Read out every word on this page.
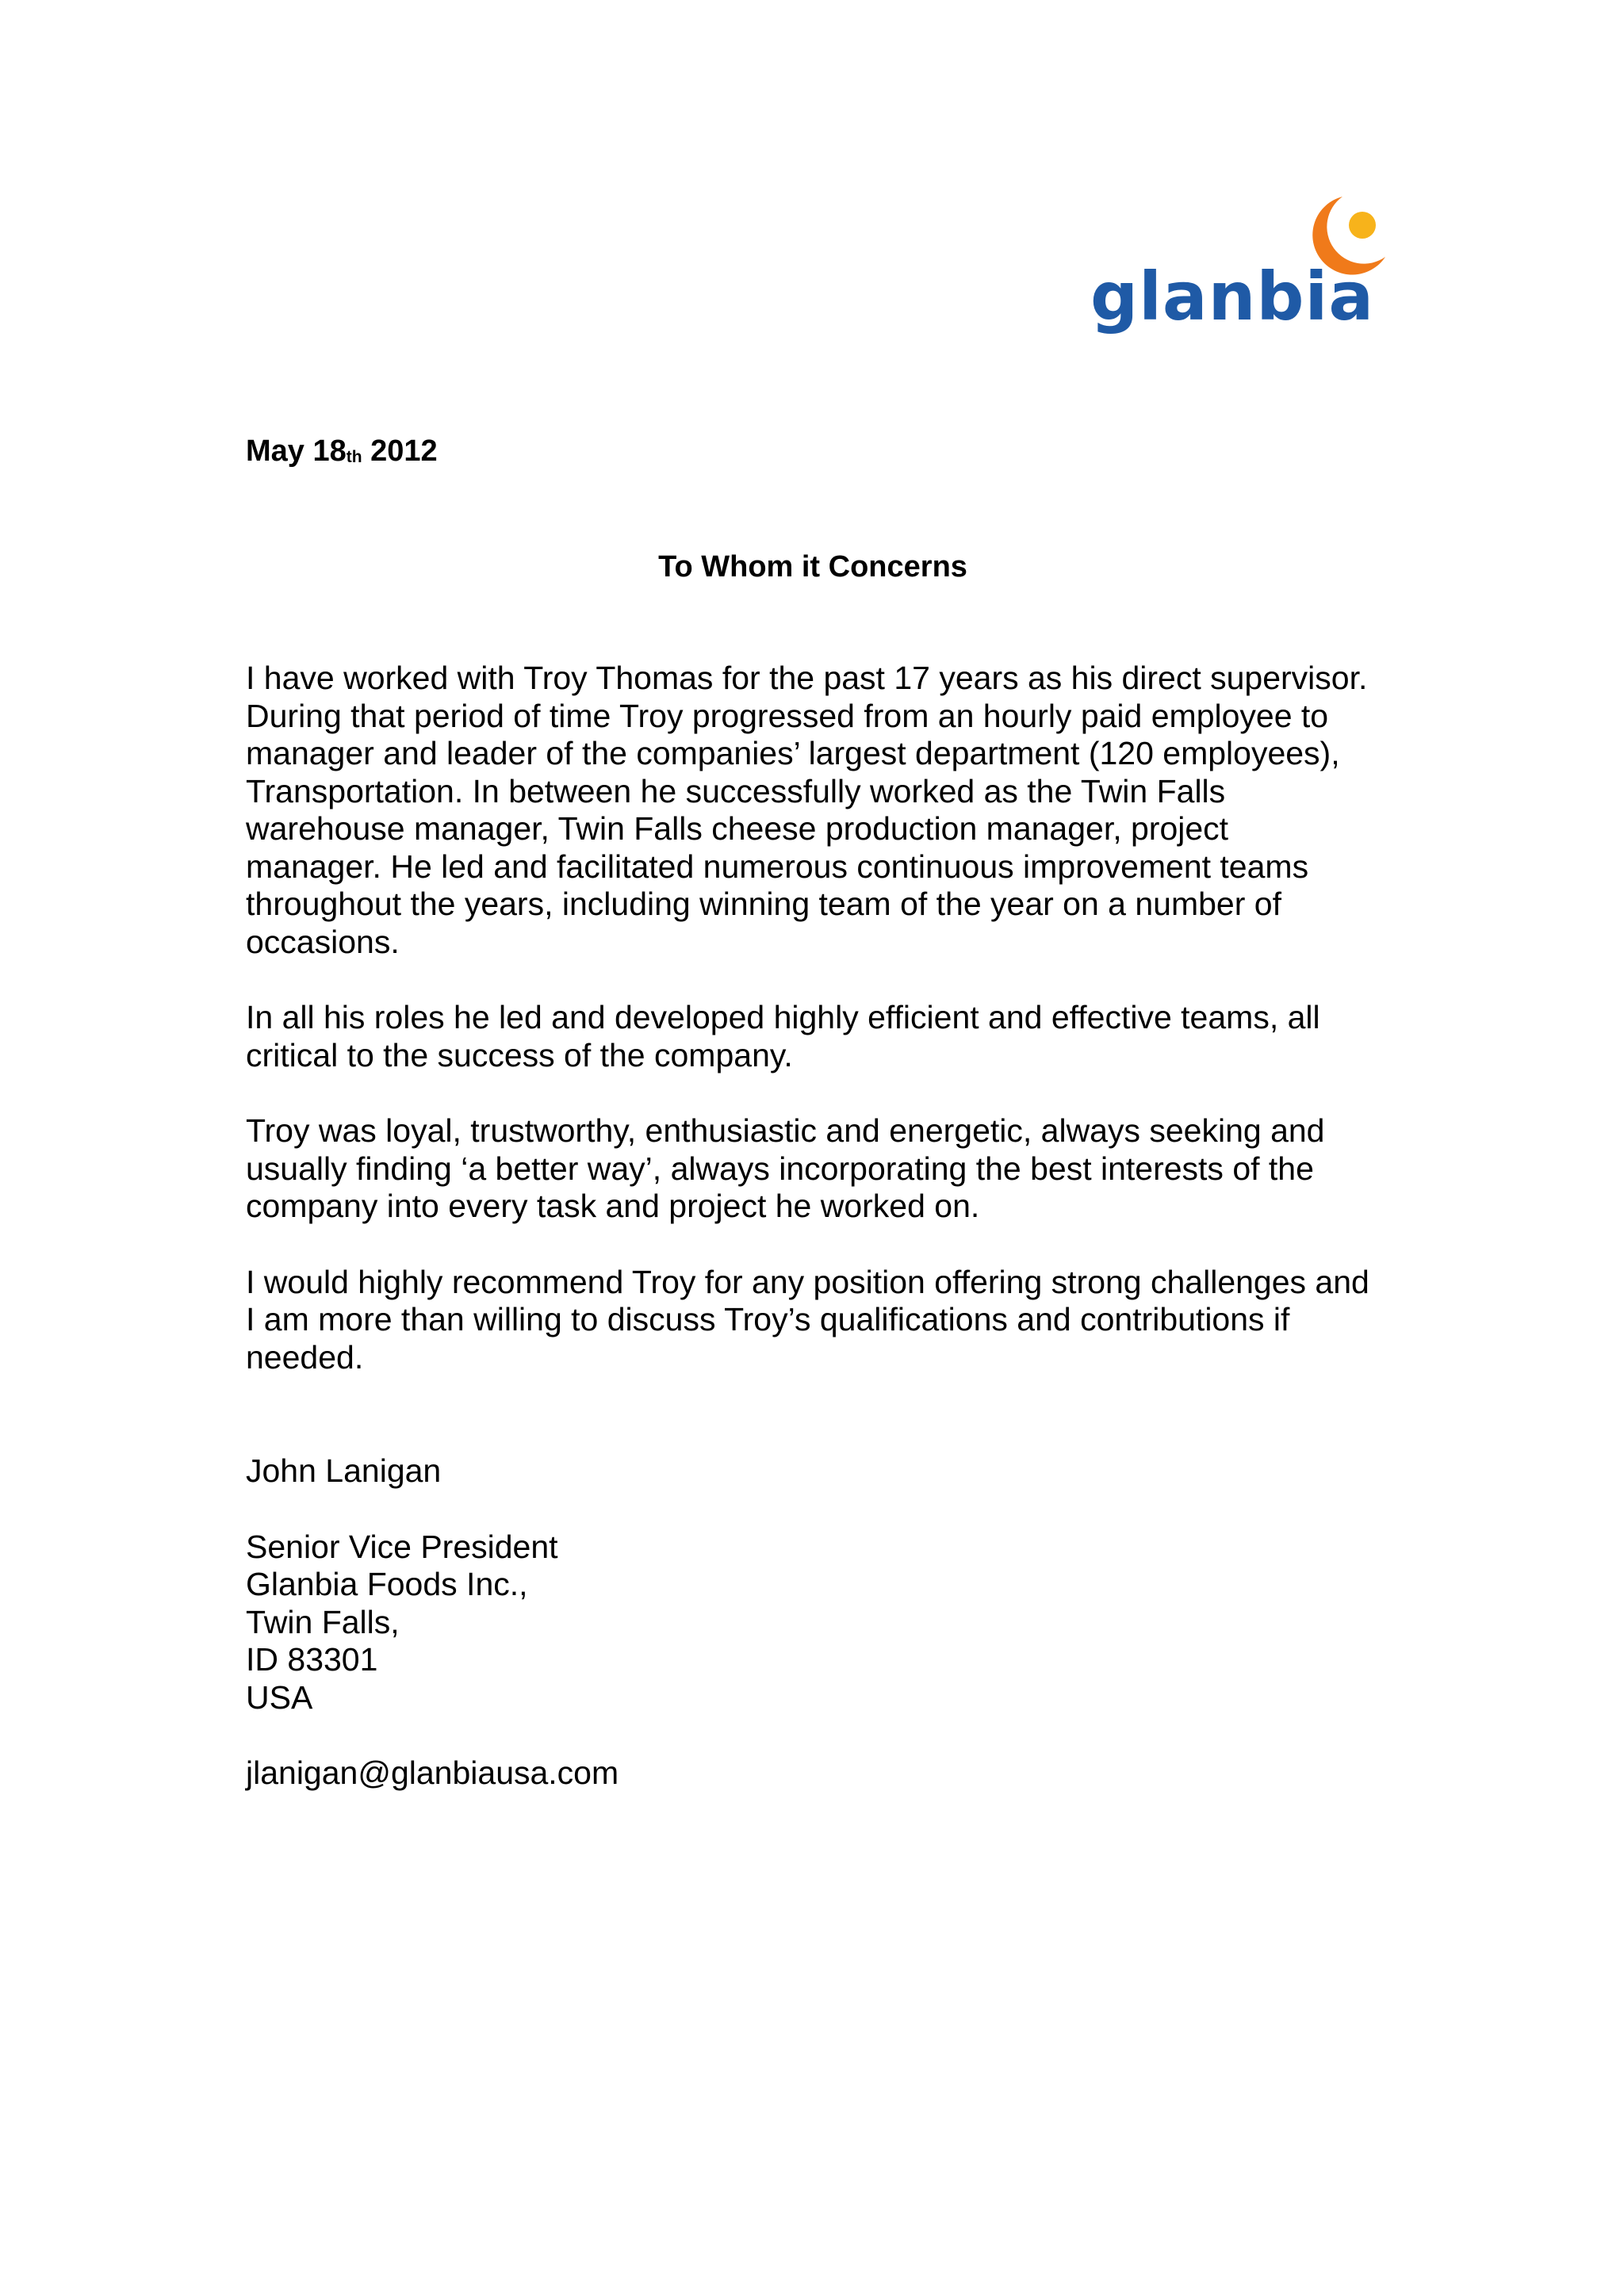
glanbia

May $18_{th}$ 2012

To Whom it Concerns

I have worked with Troy Thomas for the past 17 years as his direct supervisor.
During that period of time Troy progressed from an hourly paid employee to
manager and leader of the companies’ largest department (120 employees),
Transportation. In between he successfully worked as the Twin Falls
warehouse manager, Twin Falls cheese production manager, project
manager. He led and facilitated numerous continuous improvement teams
throughout the years, including winning team of the year on a number of
occasions.

In all his roles he led and developed highly efficient and effective teams, all
critical to the success of the company.

Troy was loyal, trustworthy, enthusiastic and energetic, always seeking and
usually finding ‘a better way’, always incorporating the best interests of the
company into every task and project he worked on.

I would highly recommend Troy for any position offering strong challenges and
I am more than willing to discuss Troy’s qualifications and contributions if
needed.

John Lanigan

Senior Vice President
Glanbia Foods Inc.,
Twin Falls,
ID 83301
USA

jlanigan@glanbiausa.com
